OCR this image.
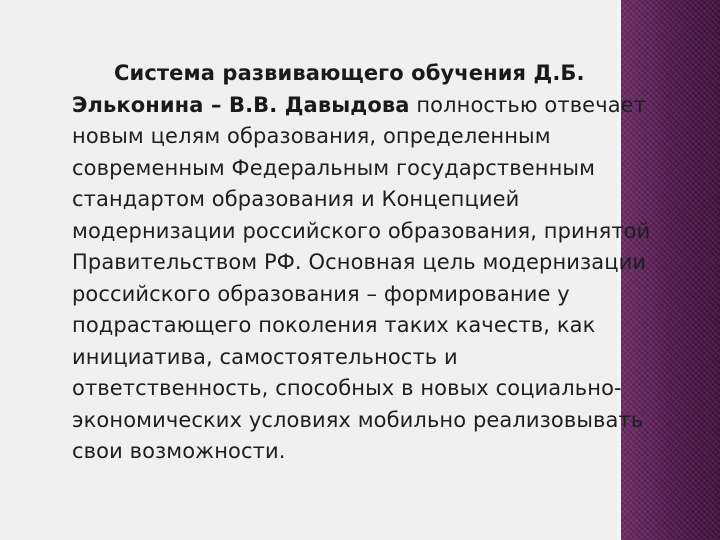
Система развивающего обучения Д.Б. Эльконина – В.В. Давыдова полностью отвечает новым целям образования, определенным современным Федеральным государственным стандартом образования и Концепцией модернизации российского образования, принятой Правительством РФ. Основная цель модернизации российского образования – формирование у подрастающего поколения таких качеств, как инициатива, самостоятельность и ответственность, способных в новых социально-экономических условиях мобильно реализовывать свои возможности.
